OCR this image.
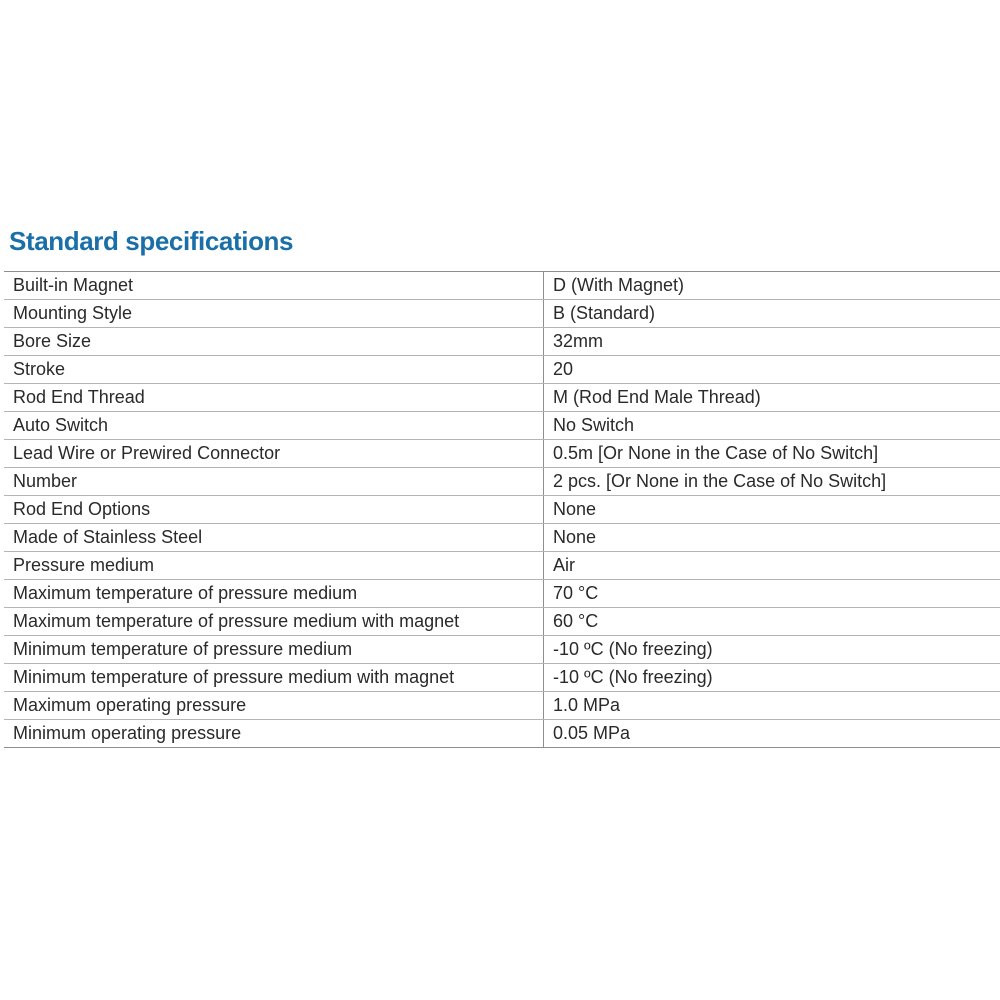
Standard specifications
Built-in Magnet	D (With Magnet)
Mounting Style	B (Standard)
Bore Size	32mm
Stroke	20
Rod End Thread	M (Rod End Male Thread)
Auto Switch	No Switch
Lead Wire or Prewired Connector	0.5m [Or None in the Case of No Switch]
Number	2 pcs. [Or None in the Case of No Switch]
Rod End Options	None
Made of Stainless Steel	None
Pressure medium	Air
Maximum temperature of pressure medium	70 °C
Maximum temperature of pressure medium with magnet	60 °C
Minimum temperature of pressure medium	-10 ºC (No freezing)
Minimum temperature of pressure medium with magnet	-10 ºC (No freezing)
Maximum operating pressure	1.0 MPa
Minimum operating pressure	0.05 MPa
